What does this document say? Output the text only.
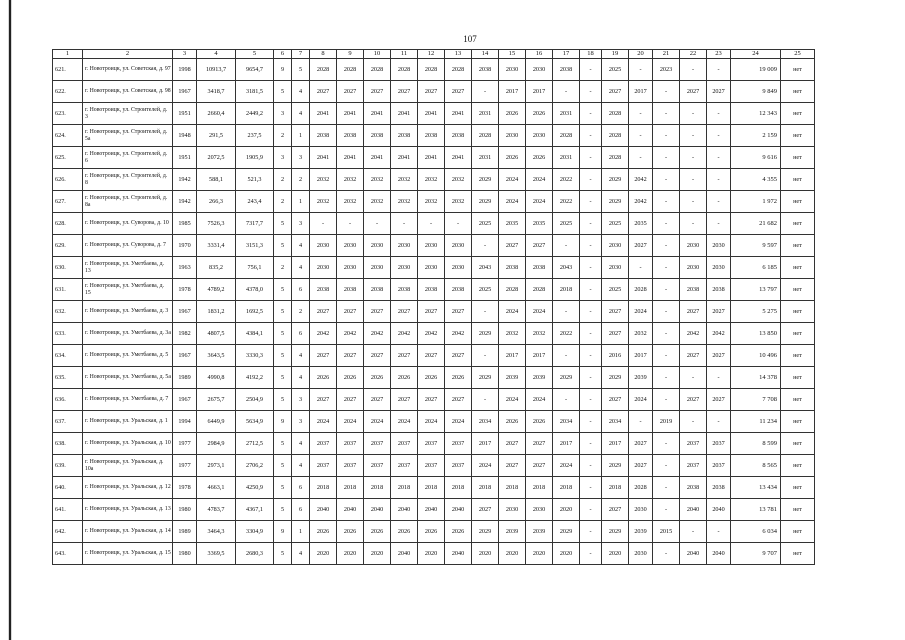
107
1	2	3	4	5	6	7	8	9	10	11	12	13	14	15	16	17	18	19	20	21	22	23	24	25
621.	г. Новотроицк, ул. Советская, д. 97	1998	10913,7	9654,7	9	5	2028	2028	2028	2028	2028	2028	2038	2030	2030	2038	-	2025	-	2023	-	-	19 009	нет
622.	г. Новотроицк, ул. Советская, д. 98	1967	3418,7	3181,5	5	4	2027	2027	2027	2027	2027	2027	-	2017	2017	-	-	2027	2017	-	2027	2027	9 849	нет
623.	г. Новотроицк, ул. Строителей, д. 3	1951	2660,4	2449,2	3	4	2041	2041	2041	2041	2041	2041	2031	2026	2026	2031	-	2028	-	-	-	-	12 343	нет
624.	г. Новотроицк, ул. Строителей, д. 5а	1948	291,5	237,5	2	1	2038	2038	2038	2038	2038	2038	2028	2030	2030	2028	-	2028	-	-	-	-	2 159	нет
625.	г. Новотроицк, ул. Строителей, д. 6	1951	2072,5	1905,9	3	3	2041	2041	2041	2041	2041	2041	2031	2026	2026	2031	-	2028	-	-	-	-	9 616	нет
626.	г. Новотроицк, ул. Строителей, д. 8	1942	588,1	521,3	2	2	2032	2032	2032	2032	2032	2032	2029	2024	2024	2022	-	2029	2042	-	-	-	4 355	нет
627.	г. Новотроицк, ул. Строителей, д. 8а	1942	266,3	243,4	2	1	2032	2032	2032	2032	2032	2032	2029	2024	2024	2022	-	2029	2042	-	-	-	1 972	нет
628.	г. Новотроицк, ул. Суворова, д. 10	1985	7526,3	7317,7	5	3	-	-	-	-	-	-	2025	2035	2035	2025	-	2025	2035	-	-	-	21 682	нет
629.	г. Новотроицк, ул. Суворова, д. 7	1970	3331,4	3151,3	5	4	2030	2030	2030	2030	2030	2030	-	2027	2027	-	-	2030	2027	-	2030	2030	9 597	нет
630.	г. Новотроицк, ул. Уметбаева, д. 13	1963	835,2	756,1	2	4	2030	2030	2030	2030	2030	2030	2043	2038	2038	2043	-	2030	-	-	2030	2030	6 185	нет
631.	г. Новотроицк, ул. Уметбаева, д. 15	1978	4789,2	4378,0	5	6	2038	2038	2038	2038	2038	2038	2025	2028	2028	2018	-	2025	2028	-	2038	2038	13 797	нет
632.	г. Новотроицк, ул. Уметбаева, д. 3	1967	1831,2	1692,5	5	2	2027	2027	2027	2027	2027	2027	-	2024	2024	-	-	2027	2024	-	2027	2027	5 275	нет
633.	г. Новотроицк, ул. Уметбаева, д. 3а	1982	4807,5	4384,1	5	6	2042	2042	2042	2042	2042	2042	2029	2032	2032	2022	-	2027	2032	-	2042	2042	13 850	нет
634.	г. Новотроицк, ул. Уметбаева, д. 5	1967	3643,5	3330,3	5	4	2027	2027	2027	2027	2027	2027	-	2017	2017	-	-	2016	2017	-	2027	2027	10 496	нет
635.	г. Новотроицк, ул. Уметбаева, д. 5а	1989	4990,8	4192,2	5	4	2026	2026	2026	2026	2026	2026	2029	2039	2039	2029	-	2029	2039	-	-	-	14 378	нет
636.	г. Новотроицк, ул. Уметбаева, д. 7	1967	2675,7	2504,9	5	3	2027	2027	2027	2027	2027	2027	-	2024	2024	-	-	2027	2024	-	2027	2027	7 708	нет
637.	г. Новотроицк, ул. Уральская, д. 1	1994	6449,9	5634,9	9	3	2024	2024	2024	2024	2024	2024	2034	2026	2026	2034	-	2034	-	2019	-	-	11 234	нет
638.	г. Новотроицк, ул. Уральская, д. 10	1977	2984,9	2712,5	5	4	2037	2037	2037	2037	2037	2037	2017	2027	2027	2017	-	2017	2027	-	2037	2037	8 599	нет
639.	г. Новотроицк, ул. Уральская, д. 10а	1977	2973,1	2706,2	5	4	2037	2037	2037	2037	2037	2037	2024	2027	2027	2024	-	2029	2027	-	2037	2037	8 565	нет
640.	г. Новотроицк, ул. Уральская, д. 12	1978	4663,1	4250,9	5	6	2018	2018	2018	2018	2018	2018	2018	2018	2018	2018	-	2018	2028	-	2038	2038	13 434	нет
641.	г. Новотроицк, ул. Уральская, д. 13	1980	4783,7	4367,1	5	6	2040	2040	2040	2040	2040	2040	2027	2030	2030	2020	-	2027	2030	-	2040	2040	13 781	нет
642.	г. Новотроицк, ул. Уральская, д. 14	1989	3464,3	3304,9	9	1	2026	2026	2026	2026	2026	2026	2029	2039	2039	2029	-	2029	2039	2015	-	-	6 034	нет
643.	г. Новотроицк, ул. Уральская, д. 15	1980	3369,5	2680,3	5	4	2020	2020	2020	2040	2020	2040	2020	2020	2020	2020	-	2020	2030	-	2040	2040	9 707	нет
